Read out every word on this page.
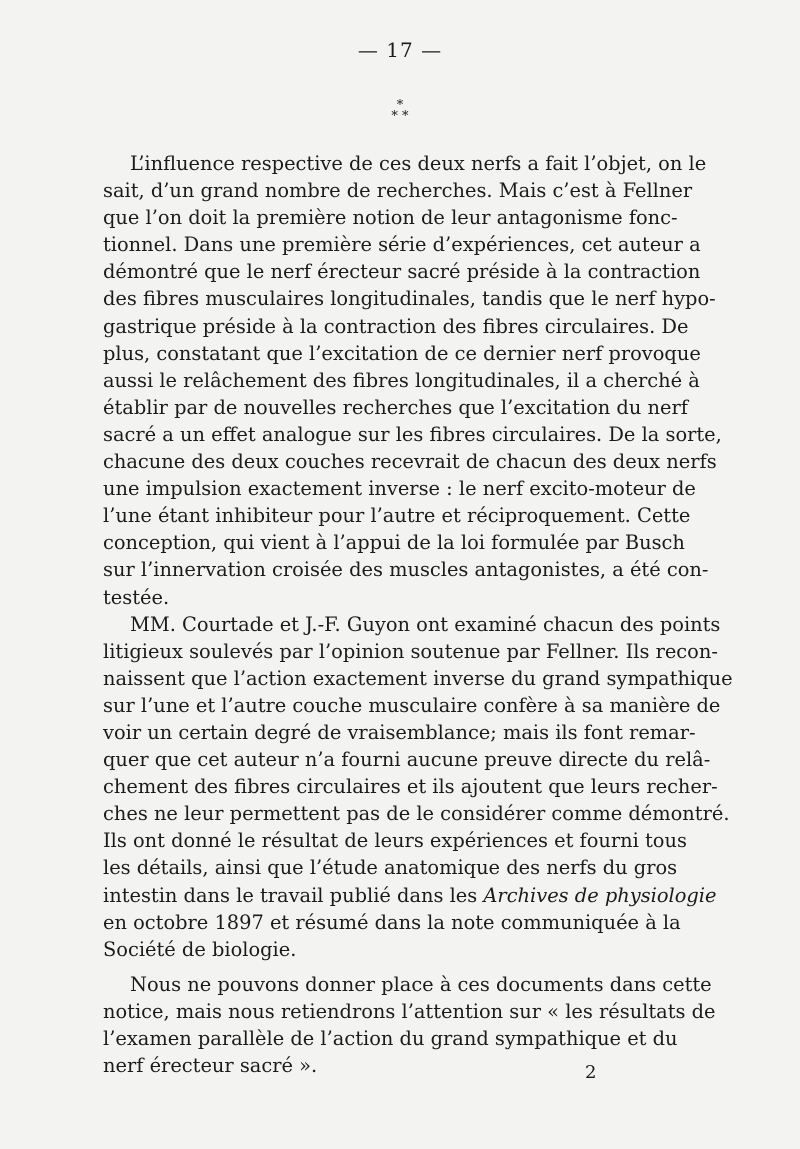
— 17 —
*
* *

L’influence respective de ces deux nerfs a fait l’objet, on le
sait, d’un grand nombre de recherches. Mais c’est à Fellner
que l’on doit la première notion de leur antagonisme fonc-
tionnel. Dans une première série d’expériences, cet auteur a
démontré que le nerf érecteur sacré préside à la contraction
des fibres musculaires longitudinales, tandis que le nerf hypo-
gastrique préside à la contraction des fibres circulaires. De
plus, constatant que l’excitation de ce dernier nerf provoque
aussi le relâchement des fibres longitudinales, il a cherché à
établir par de nouvelles recherches que l’excitation du nerf
sacré a un effet analogue sur les fibres circulaires. De la sorte,
chacune des deux couches recevrait de chacun des deux nerfs
une impulsion exactement inverse : le nerf excito-moteur de
l’une étant inhibiteur pour l’autre et réciproquement. Cette
conception, qui vient à l’appui de la loi formulée par Busch
sur l’innervation croisée des muscles antagonistes, a été con-
testée.

MM. Courtade et J.-F. Guyon ont examiné chacun des points
litigieux soulevés par l’opinion soutenue par Fellner. Ils recon-
naissent que l’action exactement inverse du grand sympathique
sur l’une et l’autre couche musculaire confère à sa manière de
voir un certain degré de vraisemblance; mais ils font remar-
quer que cet auteur n’a fourni aucune preuve directe du relâ-
chement des fibres circulaires et ils ajoutent que leurs recher-
ches ne leur permettent pas de le considérer comme démontré.
Ils ont donné le résultat de leurs expériences et fourni tous
les détails, ainsi que l’étude anatomique des nerfs du gros
intestin dans le travail publié dans les Archives de physiologie
en octobre 1897 et résumé dans la note communiquée à la
Société de biologie.

Nous ne pouvons donner place à ces documents dans cette
notice, mais nous retiendrons l’attention sur « les résultats de
l’examen parallèle de l’action du grand sympathique et du
nerf érecteur sacré ».	2
